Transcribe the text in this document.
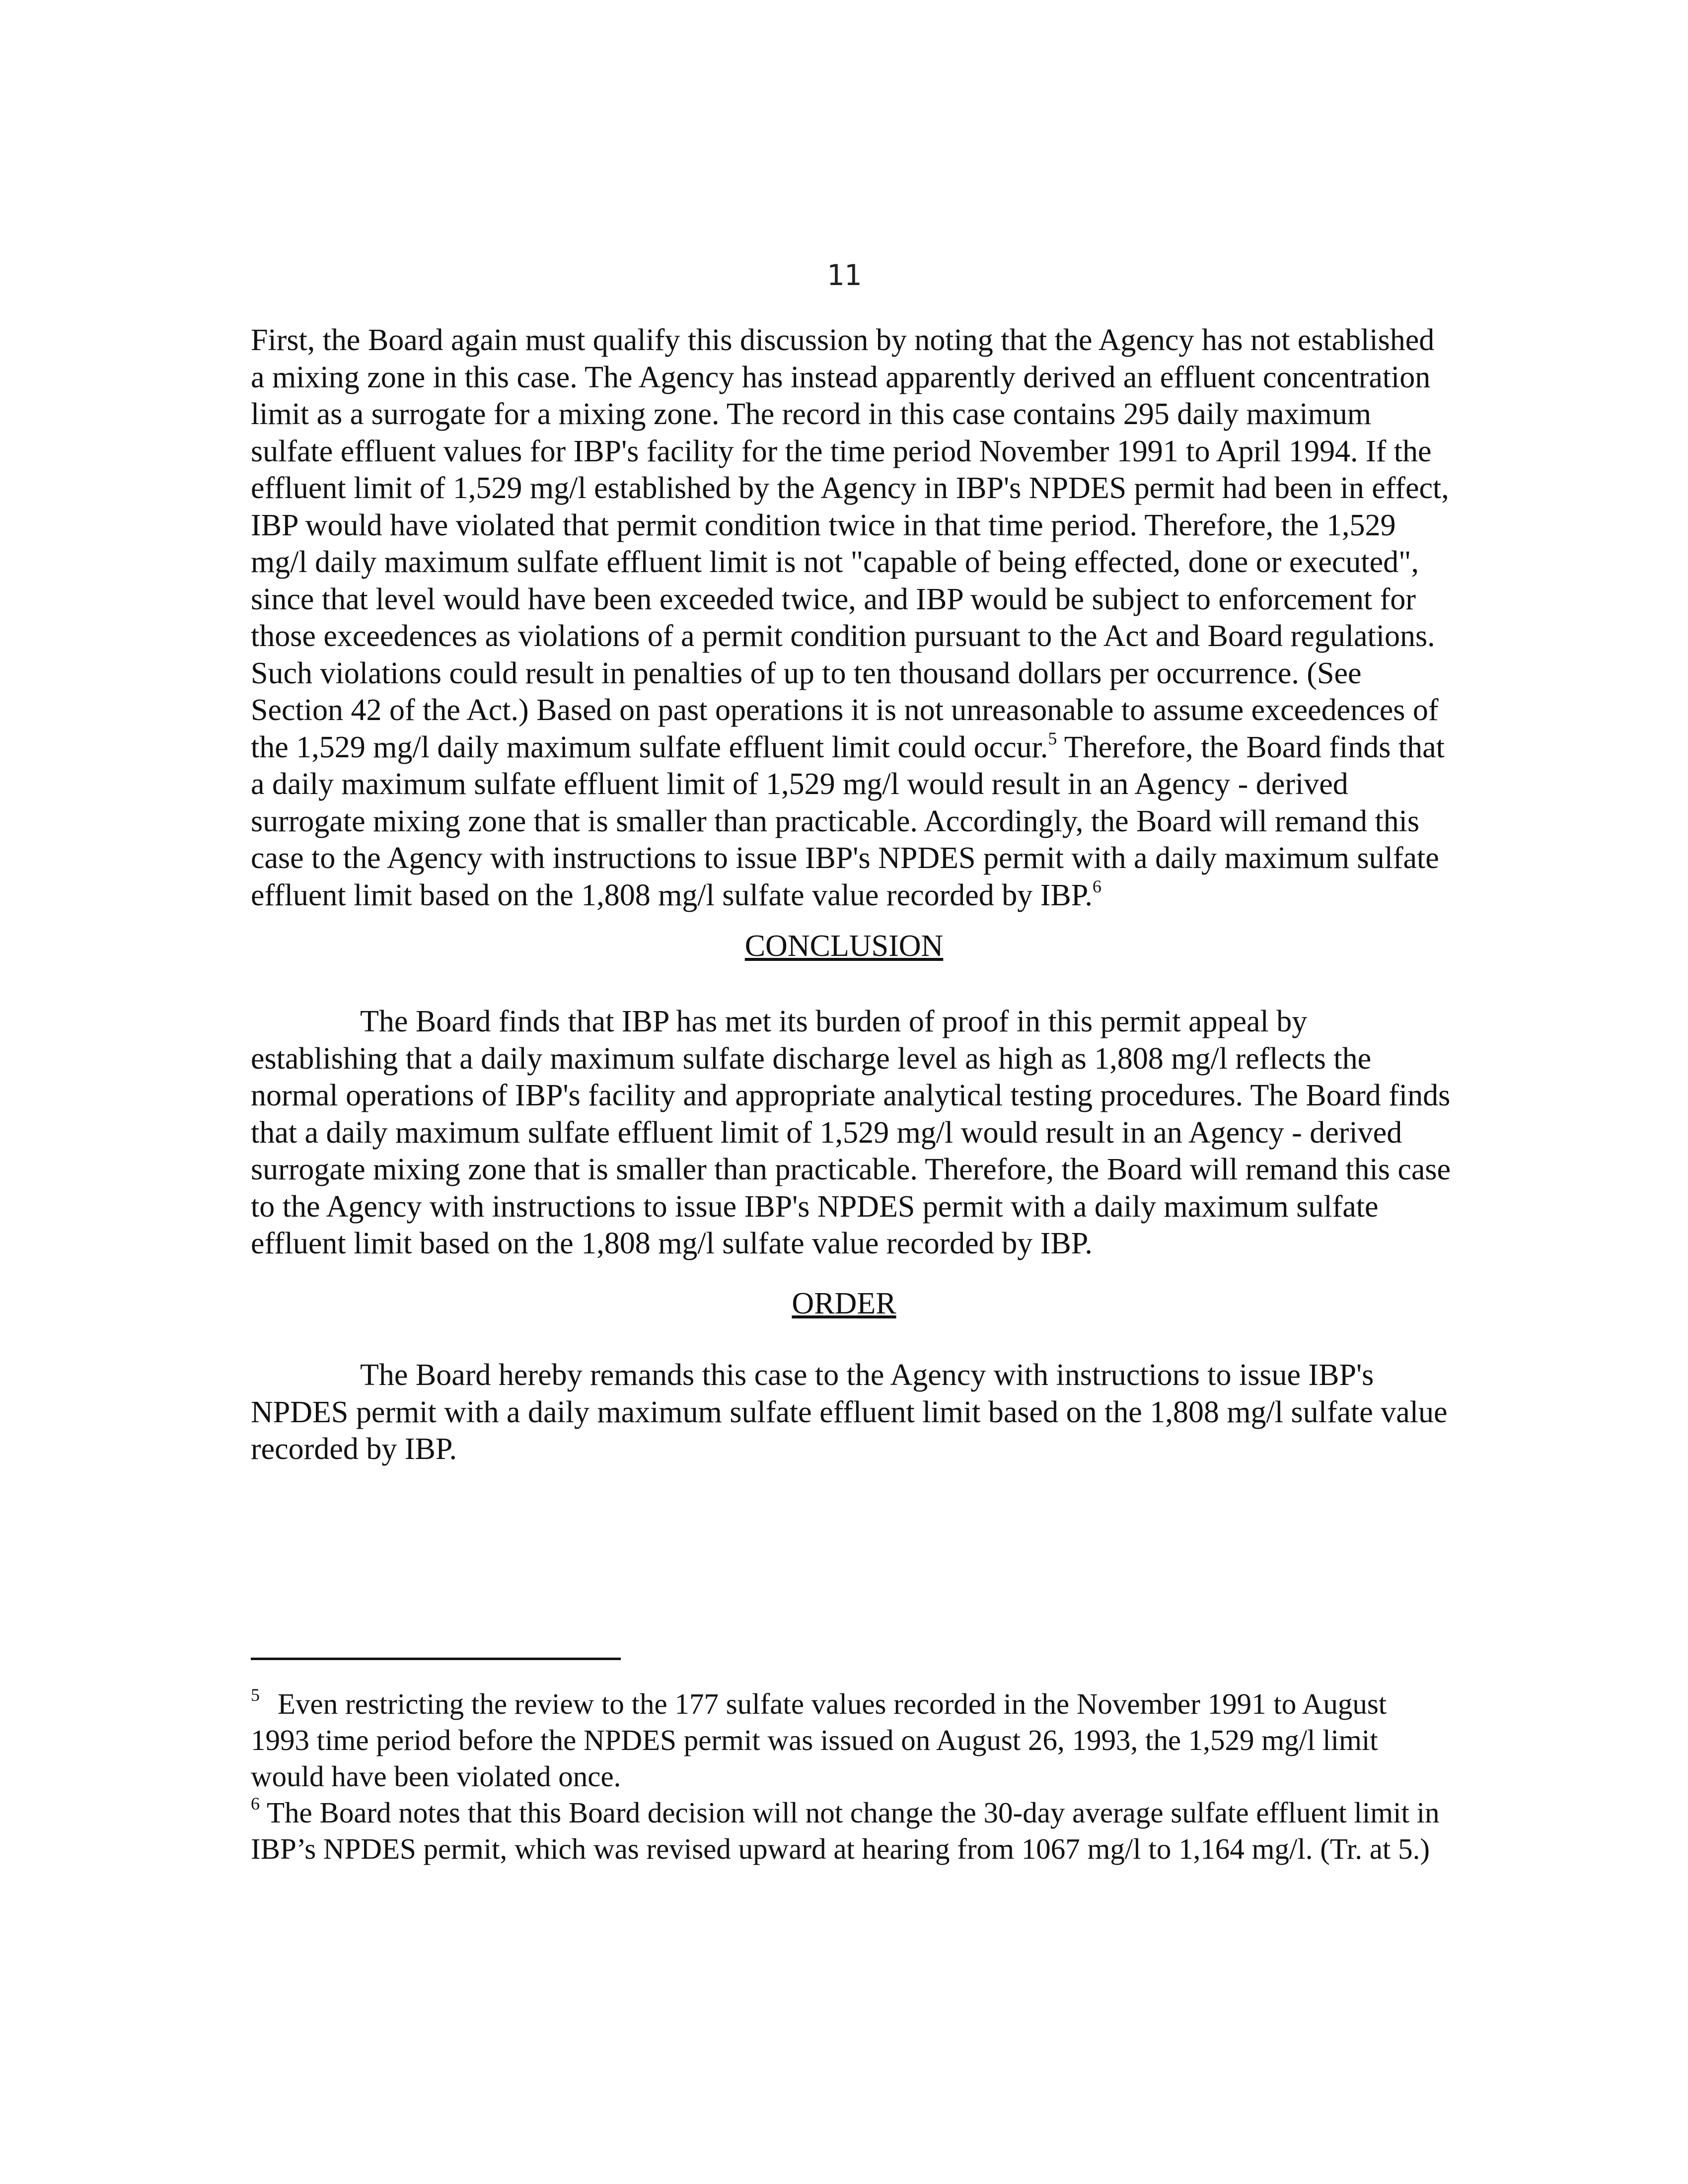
11

First, the Board again must qualify this discussion by noting that the Agency has not established a mixing zone in this case. The Agency has instead apparently derived an effluent concentration limit as a surrogate for a mixing zone. The record in this case contains 295 daily maximum sulfate effluent values for IBP's facility for the time period November 1991 to April 1994. If the effluent limit of 1,529 mg/l established by the Agency in IBP's NPDES permit had been in effect, IBP would have violated that permit condition twice in that time period. Therefore, the 1,529 mg/l daily maximum sulfate effluent limit is not "capable of being effected, done or executed", since that level would have been exceeded twice, and IBP would be subject to enforcement for those exceedences as violations of a permit condition pursuant to the Act and Board regulations. Such violations could result in penalties of up to ten thousand dollars per occurrence. (See Section 42 of the Act.) Based on past operations it is not unreasonable to assume exceedences of the 1,529 mg/l daily maximum sulfate effluent limit could occur.$^5$ Therefore, the Board finds that a daily maximum sulfate effluent limit of 1,529 mg/l would result in an Agency - derived surrogate mixing zone that is smaller than practicable. Accordingly, the Board will remand this case to the Agency with instructions to issue IBP's NPDES permit with a daily maximum sulfate effluent limit based on the 1,808 mg/l sulfate value recorded by IBP.$^6$

CONCLUSION

The Board finds that IBP has met its burden of proof in this permit appeal by establishing that a daily maximum sulfate discharge level as high as 1,808 mg/l reflects the normal operations of IBP's facility and appropriate analytical testing procedures. The Board finds that a daily maximum sulfate effluent limit of 1,529 mg/l would result in an Agency - derived surrogate mixing zone that is smaller than practicable. Therefore, the Board will remand this case to the Agency with instructions to issue IBP's NPDES permit with a daily maximum sulfate effluent limit based on the 1,808 mg/l sulfate value recorded by IBP.

ORDER

The Board hereby remands this case to the Agency with instructions to issue IBP's NPDES permit with a daily maximum sulfate effluent limit based on the 1,808 mg/l sulfate value recorded by IBP.

$^5$ Even restricting the review to the 177 sulfate values recorded in the November 1991 to August 1993 time period before the NPDES permit was issued on August 26, 1993, the 1,529 mg/l limit would have been violated once.

$^6$ The Board notes that this Board decision will not change the 30-day average sulfate effluent limit in IBP’s NPDES permit, which was revised upward at hearing from 1067 mg/l to 1,164 mg/l. (Tr. at 5.)
